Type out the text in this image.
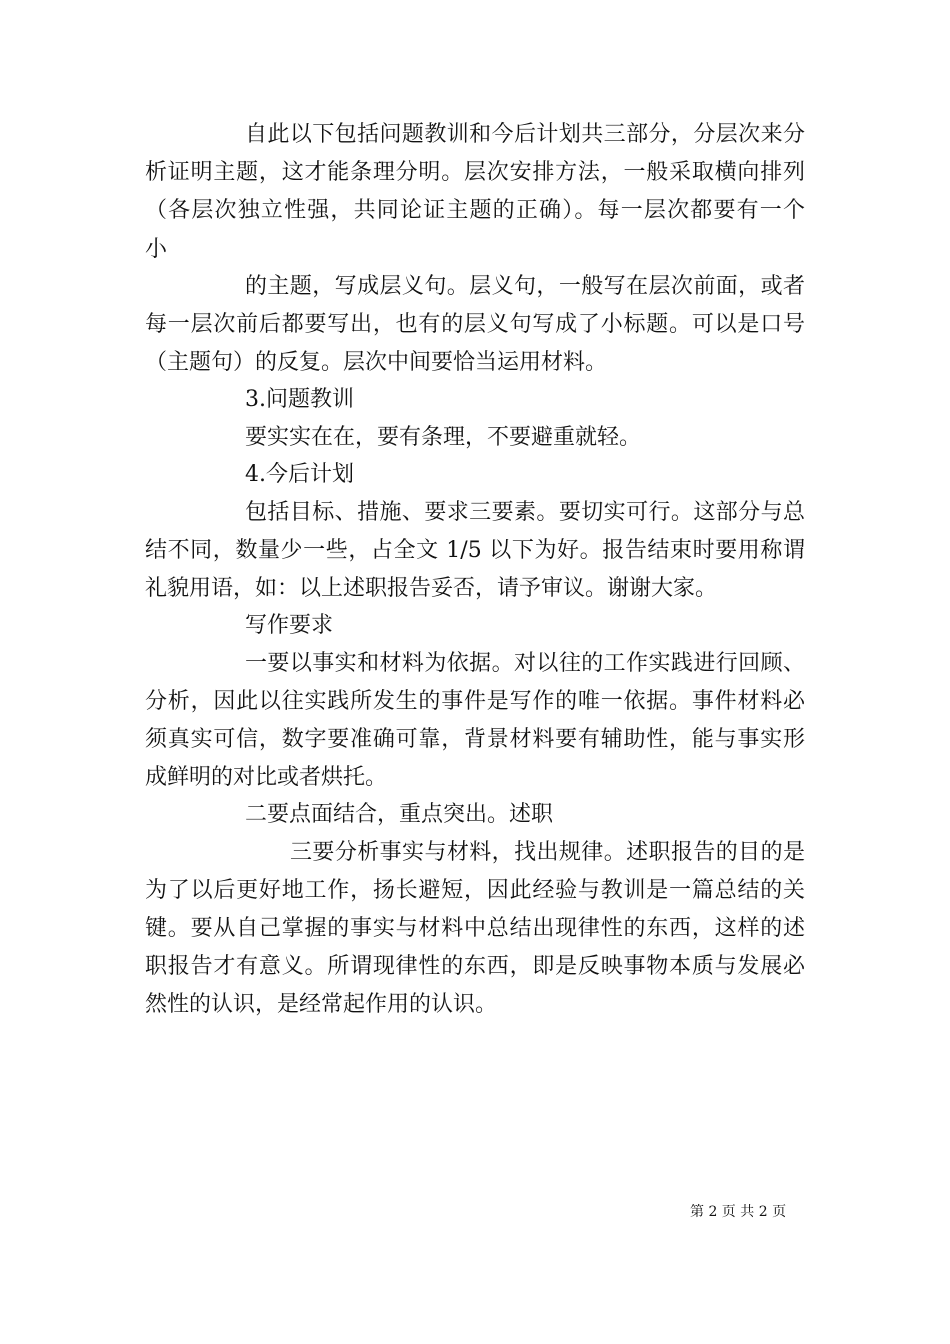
自此以下包括问题教训和今后计划共三部分，分层次来分
析证明主题，这才能条理分明。层次安排方法，一般采取横向排列
（各层次独立性强，共同论证主题的正确）。每一层次都要有一个
小
的主题，写成层义句。层义句，一般写在层次前面，或者
每一层次前后都要写出，也有的层义句写成了小标题。可以是口号
（主题句）的反复。层次中间要恰当运用材料。
3.问题教训
要实实在在，要有条理，不要避重就轻。
4.今后计划
包括目标、措施、要求三要素。要切实可行。这部分与总
结不同，数量少一些，占全文 1/5 以下为好。报告结束时要用称谓
礼貌用语，如：以上述职报告妥否，请予审议。谢谢大家。
写作要求
一要以事实和材料为依据。对以往的工作实践进行回顾、
分析，因此以往实践所发生的事件是写作的唯一依据。事件材料必
须真实可信，数字要准确可靠，背景材料要有辅助性，能与事实形
成鲜明的对比或者烘托。
二要点面结合，重点突出。述职
三要分析事实与材料，找出规律。述职报告的目的是
为了以后更好地工作，扬长避短，因此经验与教训是一篇总结的关
键。要从自己掌握的事实与材料中总结出现律性的东西，这样的述
职报告才有意义。所谓现律性的东西，即是反映事物本质与发展必
然性的认识，是经常起作用的认识。
第 2 页 共 2 页
